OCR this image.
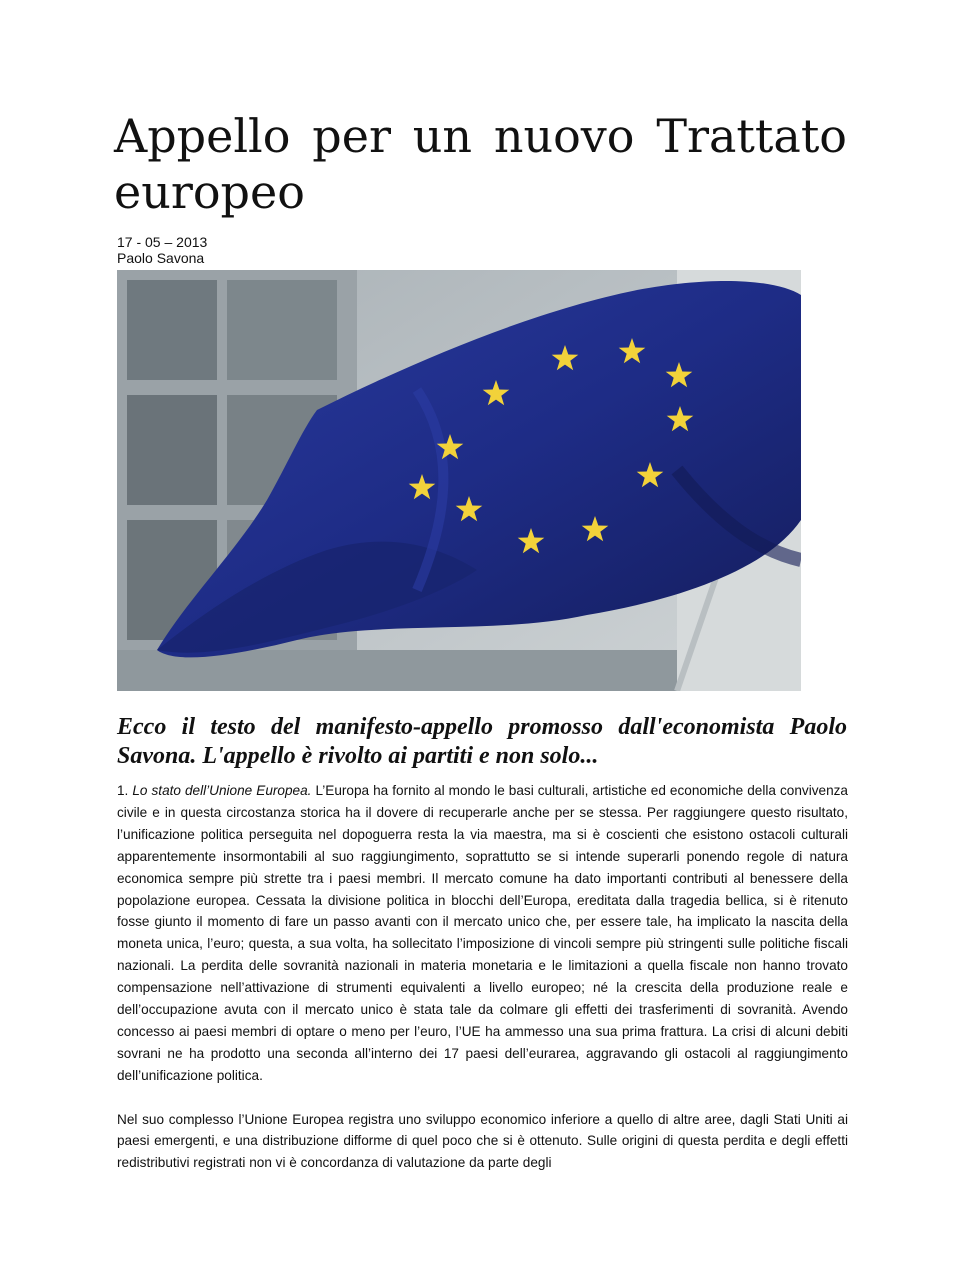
Appello per un nuovo Trattato
europeo
17 - 05 – 2013
Paolo Savona
Ecco il testo del manifesto-appello promosso dall'economista Paolo
Savona. L'appello è rivolto ai partiti e non solo...

1. Lo stato dell’Unione Europea. L’Europa ha fornito al mondo le basi culturali, artistiche ed economiche della convivenza civile e in questa circostanza storica ha il dovere di recuperarle anche per se stessa. Per raggiungere questo risultato, l’unificazione politica perseguita nel dopoguerra resta la via maestra, ma si è coscienti che esistono ostacoli culturali apparentemente insormontabili al suo raggiungimento, soprattutto se si intende superarli ponendo regole di natura economica sempre più strette tra i paesi membri. Il mercato comune ha dato importanti contributi al benessere della popolazione europea. Cessata la divisione politica in blocchi dell’Europa, ereditata dalla tragedia bellica, si è ritenuto fosse giunto il momento di fare un passo avanti con il mercato unico che, per essere tale, ha implicato la nascita della moneta unica, l’euro; questa, a sua volta, ha sollecitato l’imposizione di vincoli sempre più stringenti sulle politiche fiscali nazionali. La perdita delle sovranità nazionali in materia monetaria e le limitazioni a quella fiscale non hanno trovato compensazione nell’attivazione di strumenti equivalenti a livello europeo; né la crescita della produzione reale e dell’occupazione avuta con il mercato unico è stata tale da colmare gli effetti dei trasferimenti di sovranità. Avendo concesso ai paesi membri di optare o meno per l’euro, l’UE ha ammesso una sua prima frattura. La crisi di alcuni debiti sovrani ne ha prodotto una seconda all’interno dei 17 paesi dell’eurarea, aggravando gli ostacoli al raggiungimento dell’unificazione politica.

Nel suo complesso l’Unione Europea registra uno sviluppo economico inferiore a quello di altre aree, dagli Stati Uniti ai paesi emergenti, e una distribuzione difforme di quel poco che si è ottenuto. Sulle origini di questa perdita e degli effetti redistributivi registrati non vi è concordanza di valutazione da parte degli
